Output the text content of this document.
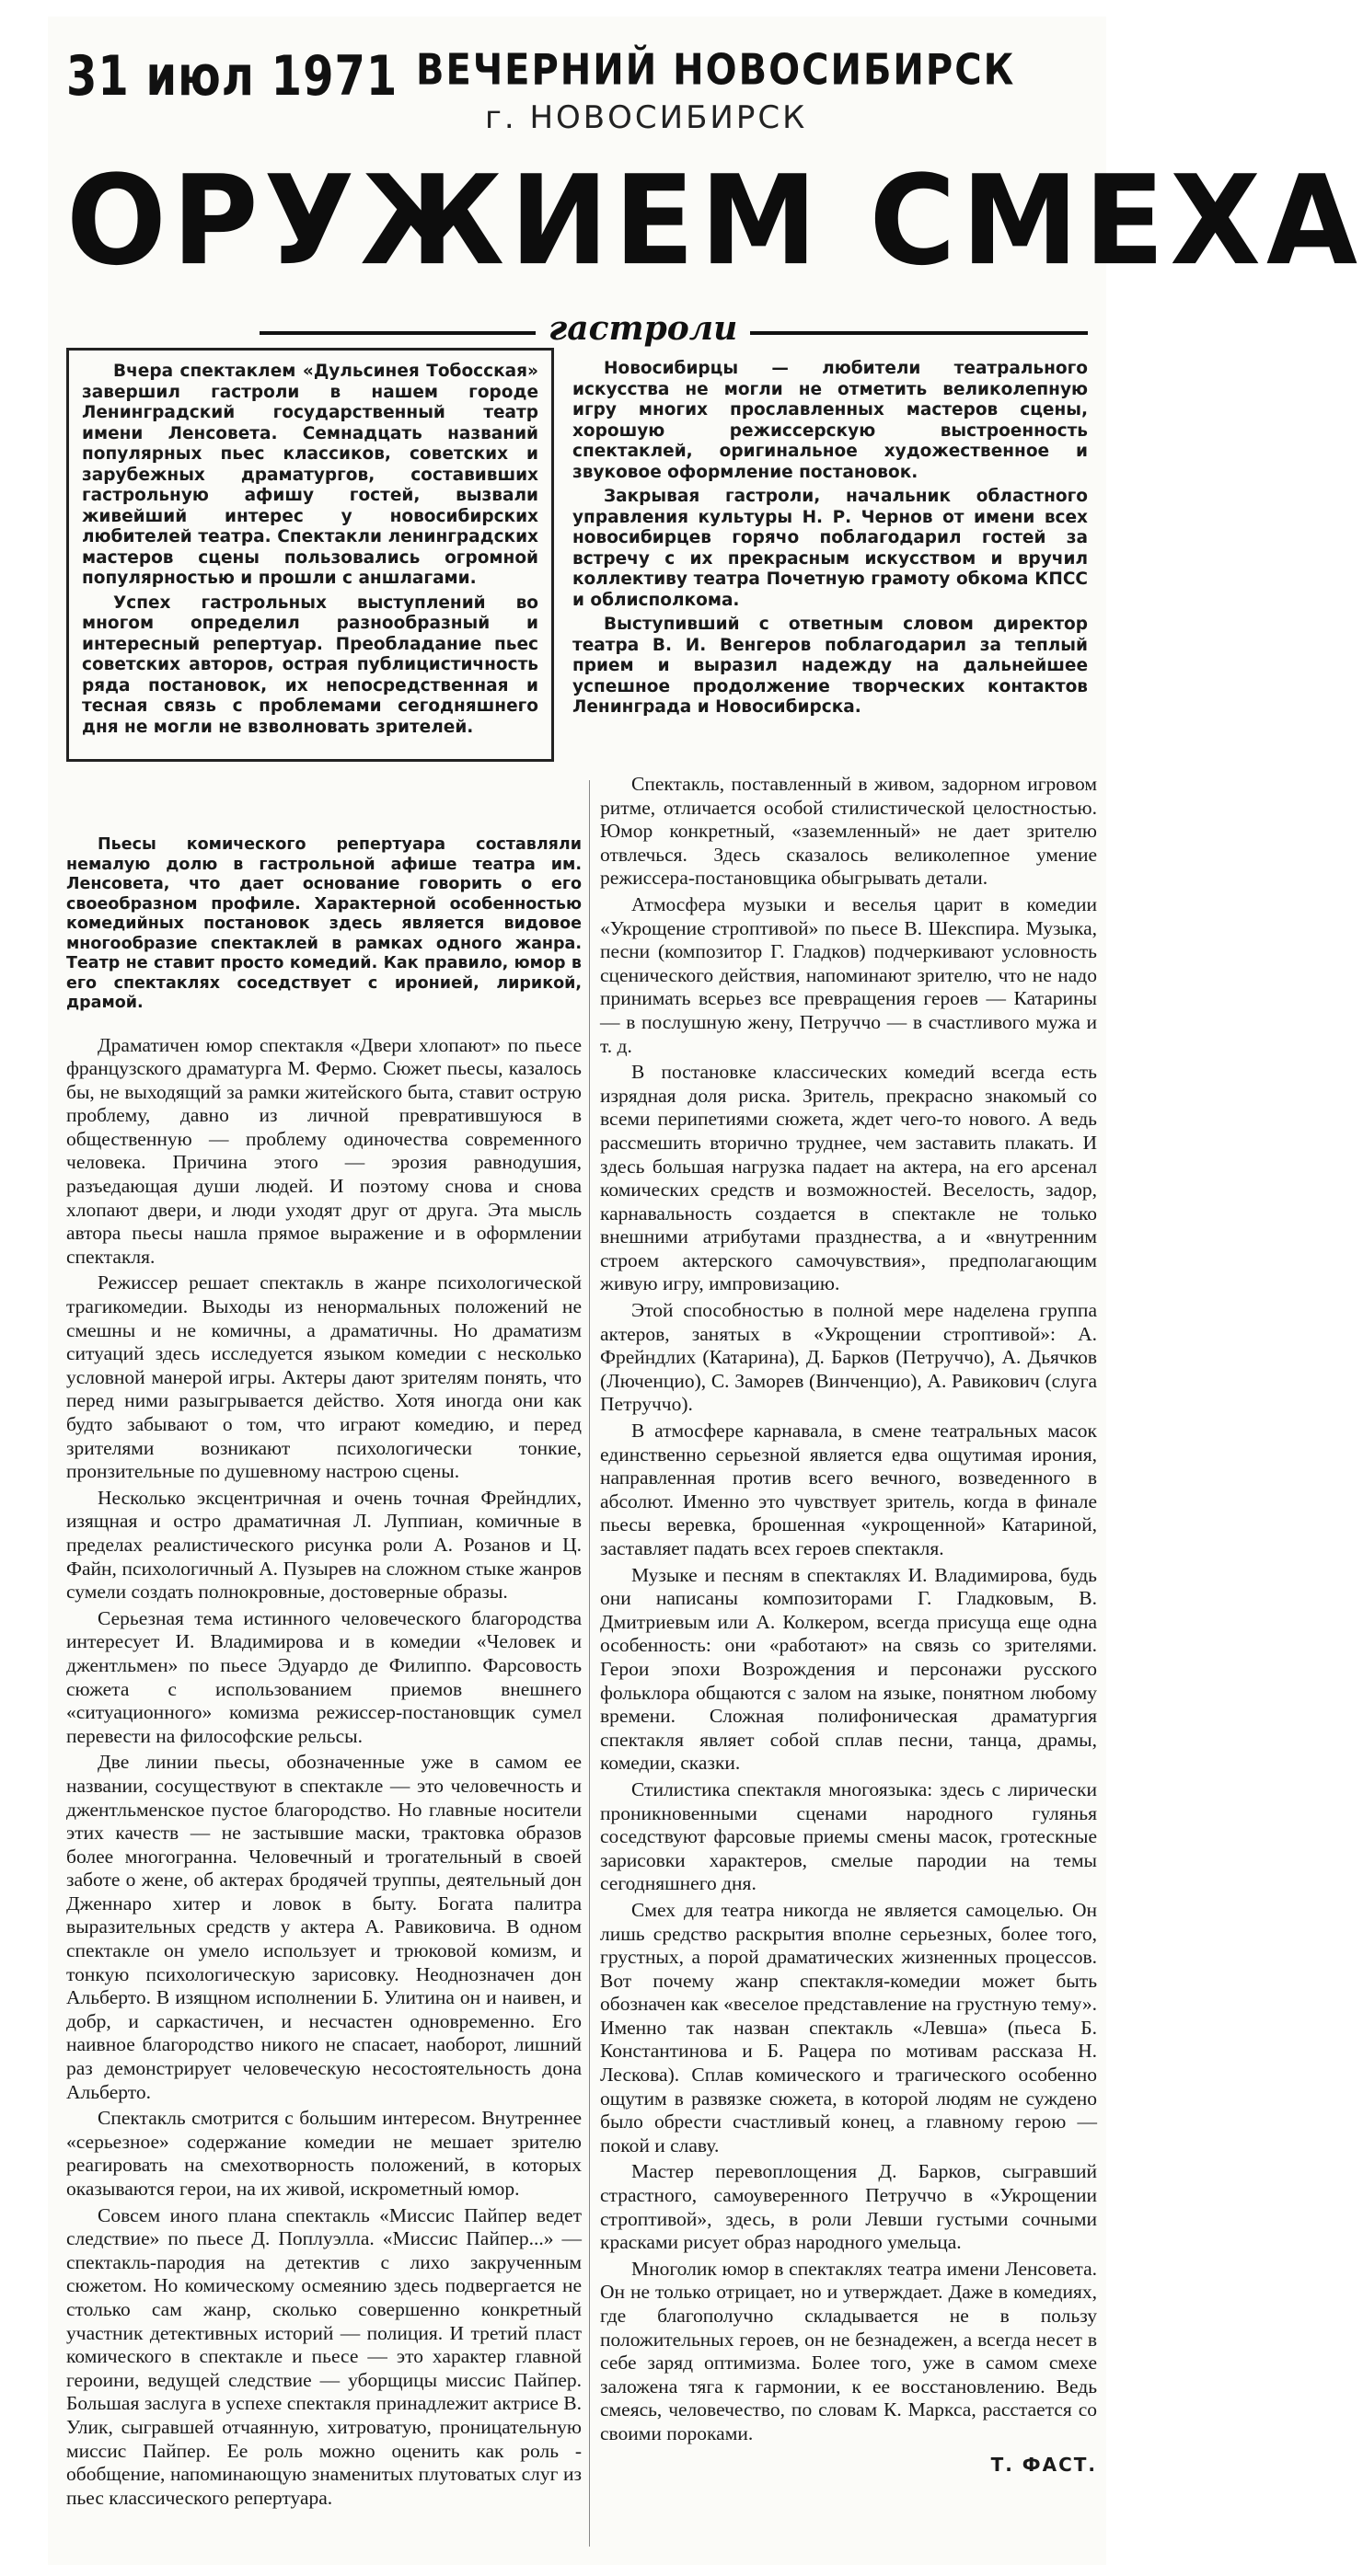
31 июл 1971 ВЕЧЕРНИЙ НОВОСИБИРСК
г. НОВОСИБИРСК
ОРУЖИЕМ СМЕХА
гастроли

Вчера спектаклем «Дульсинея Тобосская» завершил гастроли в нашем городе Ленинградский государственный театр имени Ленсовета. Семнадцать названий популярных пьес классиков, советских и зарубежных драматургов, составивших гастрольную афишу гостей, вызвали живейший интерес у новосибирских любителей театра. Спектакли ленинградских мастеров сцены пользовались огромной популярностью и прошли с аншлагами.

Успех гастрольных выступлений во многом определил разнообразный и интересный репертуар. Преобладание пьес советских авторов, острая публицистичность ряда постановок, их непосредственная и тесная связь с проблемами сегодняшнего дня не могли не взволновать зрителей.

Новосибирцы — любители театрального искусства не могли не отметить великолепную игру многих прославленных мастеров сцены, хорошую режиссерскую выстроенность спектаклей, оригинальное художественное и звуковое оформление постановок.

Закрывая гастроли, начальник областного управления культуры Н. Р. Чернов от имени всех новосибирцев горячо поблагодарил гостей за встречу с их прекрасным искусством и вручил коллективу театра Почетную грамоту обкома КПСС и облисполкома.

Выступивший с ответным словом директор театра В. И. Венгеров поблагодарил за теплый прием и выразил надежду на дальнейшее успешное продолжение творческих контактов Ленинграда и Новосибирска.

Пьесы комического репертуара составляли немалую долю в гастрольной афише театра им. Ленсовета, что дает основание говорить о его своеобразном профиле. Характерной особенностью комедийных постановок здесь является видовое многообразие спектаклей в рамках одного жанра. Театр не ставит просто комедий. Как правило, юмор в его спектаклях соседствует с иронией, лирикой, драмой.

Драматичен юмор спектакля «Двери хлопают» по пьесе французского драматурга М. Фермо. Сюжет пьесы, казалось бы, не выходящий за рамки житейского быта, ставит острую проблему, давно из личной превратившуюся в общественную — проблему одиночества современного человека. Причина этого — эрозия равнодушия, разъедающая души людей. И поэтому снова и снова хлопают двери, и люди уходят друг от друга. Эта мысль автора пьесы нашла прямое выражение и в оформлении спектакля.

Режиссер решает спектакль в жанре психологической трагикомедии. Выходы из ненормальных положений не смешны и не комичны, а драматичны. Но драматизм ситуаций здесь исследуется языком комедии с несколько условной манерой игры. Актеры дают зрителям понять, что перед ними разыгрывается действо. Хотя иногда они как будто забывают о том, что играют комедию, и перед зрителями возникают психологически тонкие, пронзительные по душевному настрою сцены.

Несколько эксцентричная и очень точная Фрейндлих, изящная и остро драматичная Л. Луппиан, комичные в пределах реалистического рисунка роли А. Розанов и Ц. Файн, психологичный А. Пузырев на сложном стыке жанров сумели создать полнокровные, достоверные образы.

Серьезная тема истинного человеческого благородства интересует И. Владимирова и в комедии «Человек и джентльмен» по пьесе Эдуардо де Филиппо. Фарсовость сюжета с использованием приемов внешнего «ситуационного» комизма режиссер-постановщик сумел перевести на философские рельсы.

Две линии пьесы, обозначенные уже в самом ее названии, сосуществуют в спектакле — это человечность и джентльменское пустое благородство. Но главные носители этих качеств — не застывшие маски, трактовка образов более многогранна. Человечный и трогательный в своей заботе о жене, об актерах бродячей труппы, деятельный дон Дженнаро хитер и ловок в быту. Богата палитра выразительных средств у актера А. Равиковича. В одном спектакле он умело использует и трюковой комизм, и тонкую психологическую зарисовку. Неоднозначен дон Альберто. В изящном исполнении Б. Улитина он и наивен, и добр, и саркастичен, и несчастен одновременно. Его наивное благородство никого не спасает, наоборот, лишний раз демонстрирует человеческую несостоятельность дона Альберто.

Спектакль смотрится с большим интересом. Внутреннее «серьезное» содержание комедии не мешает зрителю реагировать на смехотворность положений, в которых оказываются герои, на их живой, искрометный юмор.

Совсем иного плана спектакль «Миссис Пайпер ведет следствие» по пьесе Д. Поплуэлла. «Миссис Пайпер...» — спектакль-пародия на детектив с лихо закрученным сюжетом. Но комическому осмеянию здесь подвергается не столько сам жанр, сколько совершенно конкретный участник детективных историй — полиция. И третий пласт комического в спектакле и пьесе — это характер главной героини, ведущей следствие — уборщицы миссис Пайпер. Большая заслуга в успехе спектакля принадлежит актрисе В. Улик, сыгравшей отчаянную, хитроватую, проницательную миссис Пайпер. Ее роль можно оценить как роль - обобщение, напоминающую знаменитых плутоватых слуг из пьес классического репертуара.

Спектакль, поставленный в живом, задорном игровом ритме, отличается особой стилистической целостностью. Юмор конкретный, «заземленный» не дает зрителю отвлечься. Здесь сказалось великолепное умение режиссера-постановщика обыгрывать детали.

Атмосфера музыки и веселья царит в комедии «Укрощение строптивой» по пьесе В. Шекспира. Музыка, песни (композитор Г. Гладков) подчеркивают условность сценического действия, напоминают зрителю, что не надо принимать всерьез все превращения героев — Катарины — в послушную жену, Петруччо — в счастливого мужа и т. д.

В постановке классических комедий всегда есть изрядная доля риска. Зритель, прекрасно знакомый со всеми перипетиями сюжета, ждет чего-то нового. А ведь рассмешить вторично труднее, чем заставить плакать. И здесь большая нагрузка падает на актера, на его арсенал комических средств и возможностей. Веселость, задор, карнавальность создается в спектакле не только внешними атрибутами празднества, а и «внутренним строем актерского самочувствия», предполагающим живую игру, импровизацию.

Этой способностью в полной мере наделена группа актеров, занятых в «Укрощении строптивой»: А. Фрейндлих (Катарина), Д. Барков (Петруччо), А. Дьячков (Люченцио), С. Заморев (Винченцио), А. Равикович (слуга Петруччо).

В атмосфере карнавала, в смене театральных масок единственно серьезной является едва ощутимая ирония, направленная против всего вечного, возведенного в абсолют. Именно это чувствует зритель, когда в финале пьесы веревка, брошенная «укрощенной» Катариной, заставляет падать всех героев спектакля.

Музыке и песням в спектаклях И. Владимирова, будь они написаны композиторами Г. Гладковым, В. Дмитриевым или А. Колкером, всегда присуща еще одна особенность: они «работают» на связь со зрителями. Герои эпохи Возрождения и персонажи русского фольклора общаются с залом на языке, понятном любому времени. Сложная полифоническая драматургия спектакля являет собой сплав песни, танца, драмы, комедии, сказки.

Стилистика спектакля многоязыка: здесь с лирически проникновенными сценами народного гулянья соседствуют фарсовые приемы смены масок, гротескные зарисовки характеров, смелые пародии на темы сегодняшнего дня.

Смех для театра никогда не является самоцелью. Он лишь средство раскрытия вполне серьезных, более того, грустных, а порой драматических жизненных процессов. Вот почему жанр спектакля-комедии может быть обозначен как «веселое представление на грустную тему». Именно так назван спектакль «Левша» (пьеса Б. Константинова и Б. Рацера по мотивам рассказа Н. Лескова). Сплав комического и трагического особенно ощутим в развязке сюжета, в которой людям не суждено было обрести счастливый конец, а главному герою — покой и славу.

Мастер перевоплощения Д. Барков, сыгравший страстного, самоуверенного Петруччо в «Укрощении строптивой», здесь, в роли Левши густыми сочными красками рисует образ народного умельца.

Многолик юмор в спектаклях театра имени Ленсовета. Он не только отрицает, но и утверждает. Даже в комедиях, где благополучно складывается не в пользу положительных героев, он не безнадежен, а всегда несет в себе заряд оптимизма. Более того, уже в самом смехе заложена тяга к гармонии, к ее восстановлению. Ведь смеясь, человечество, по словам К. Маркса, расстается со своими пороками.

Т. ФАСТ.
